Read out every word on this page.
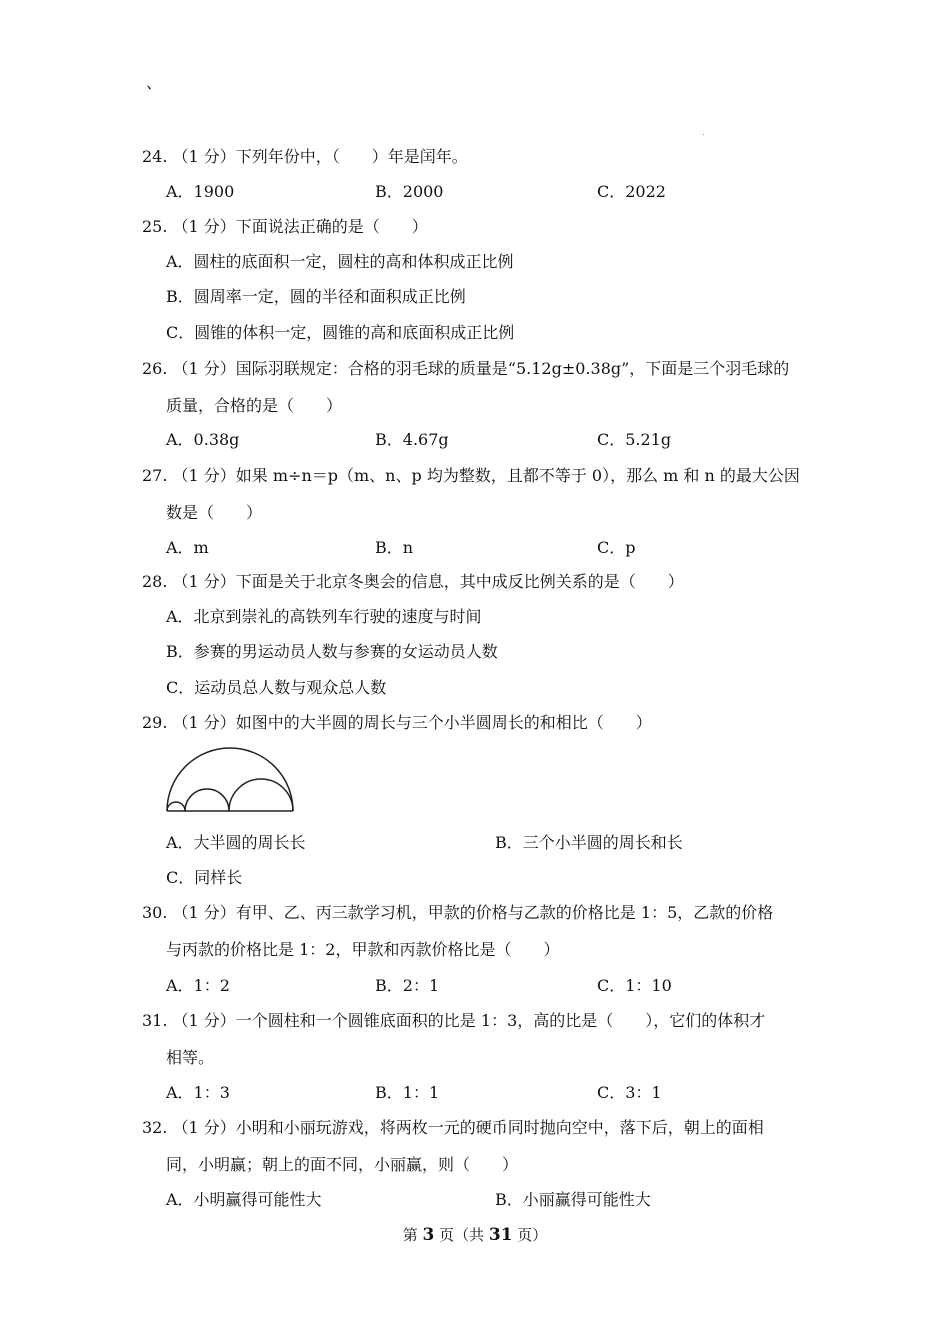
、
24. （1 分）下列年份中，（　　）年是闰年。
A．1900	B．2000	C．2022
25. （1 分）下面说法正确的是（　　）
A．圆柱的底面积一定，圆柱的高和体积成正比例
B．圆周率一定，圆的半径和面积成正比例
C．圆锥的体积一定，圆锥的高和底面积成正比例
26. （1 分）国际羽联规定：合格的羽毛球的质量是“5.12g±0.38g”，下面是三个羽毛球的
质量，合格的是（　　）
A．0.38g	B．4.67g	C．5.21g
27. （1 分）如果 m÷n＝p（m、n、p 均为整数，且都不等于 0），那么 m 和 n 的最大公因
数是（　　）
A．m	B．n	C．p
28. （1 分）下面是关于北京冬奥会的信息，其中成反比例关系的是（　　）
A．北京到崇礼的高铁列车行驶的速度与时间
B．参赛的男运动员人数与参赛的女运动员人数
C．运动员总人数与观众总人数
29. （1 分）如图中的大半圆的周长与三个小半圆周长的和相比（　　）
A．大半圆的周长长	B．三个小半圆的周长和长
C．同样长
30. （1 分）有甲、乙、丙三款学习机，甲款的价格与乙款的价格比是 1：5，乙款的价格
与丙款的价格比是 1：2，甲款和丙款价格比是（　　）
A．1：2	B．2：1	C．1：10
31. （1 分）一个圆柱和一个圆锥底面积的比是 1：3，高的比是（　　），它们的体积才
相等。
A．1：3	B．1：1	C．3：1
32. （1 分）小明和小丽玩游戏，将两枚一元的硬币同时抛向空中，落下后，朝上的面相
同，小明赢；朝上的面不同，小丽赢，则（　　）
A．小明赢得可能性大	B．小丽赢得可能性大
第 3 页（共 31 页）
